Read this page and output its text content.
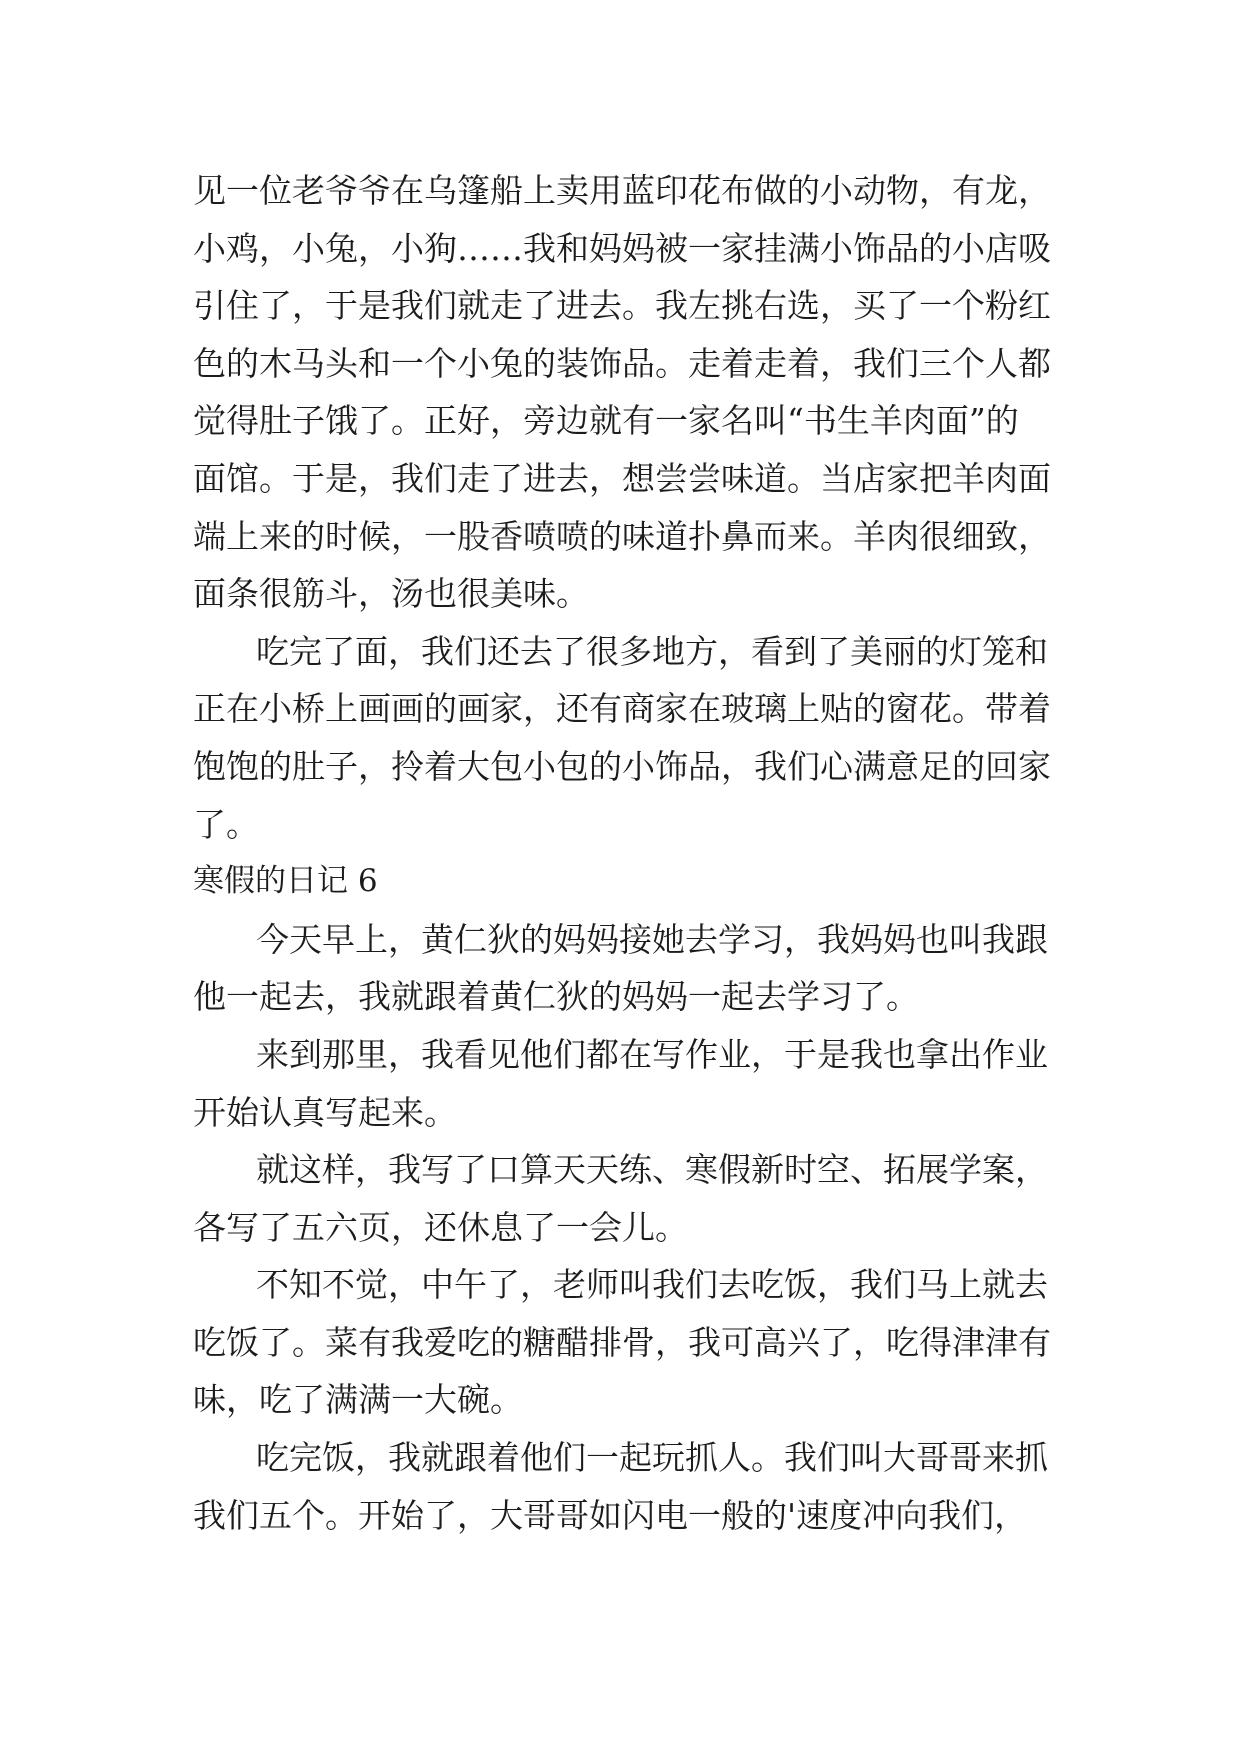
见一位老爷爷在乌篷船上卖用蓝印花布做的小动物，有龙，
小鸡，小兔，小狗……我和妈妈被一家挂满小饰品的小店吸
引住了，于是我们就走了进去。我左挑右选，买了一个粉红
色的木马头和一个小兔的装饰品。走着走着，我们三个人都
觉得肚子饿了。正好，旁边就有一家名叫“书生羊肉面”的
面馆。于是，我们走了进去，想尝尝味道。当店家把羊肉面
端上来的时候，一股香喷喷的味道扑鼻而来。羊肉很细致，
面条很筋斗，汤也很美味。
吃完了面，我们还去了很多地方，看到了美丽的灯笼和
正在小桥上画画的画家，还有商家在玻璃上贴的窗花。带着
饱饱的肚子，拎着大包小包的小饰品，我们心满意足的回家
了。
寒假的日记 6
今天早上，黄仁狄的妈妈接她去学习，我妈妈也叫我跟
他一起去，我就跟着黄仁狄的妈妈一起去学习了。
来到那里，我看见他们都在写作业，于是我也拿出作业
开始认真写起来。
就这样，我写了口算天天练、寒假新时空、拓展学案，
各写了五六页，还休息了一会儿。
不知不觉，中午了，老师叫我们去吃饭，我们马上就去
吃饭了。菜有我爱吃的糖醋排骨，我可高兴了，吃得津津有
味，吃了满满一大碗。
吃完饭，我就跟着他们一起玩抓人。我们叫大哥哥来抓
我们五个。开始了，大哥哥如闪电一般的'速度冲向我们，
